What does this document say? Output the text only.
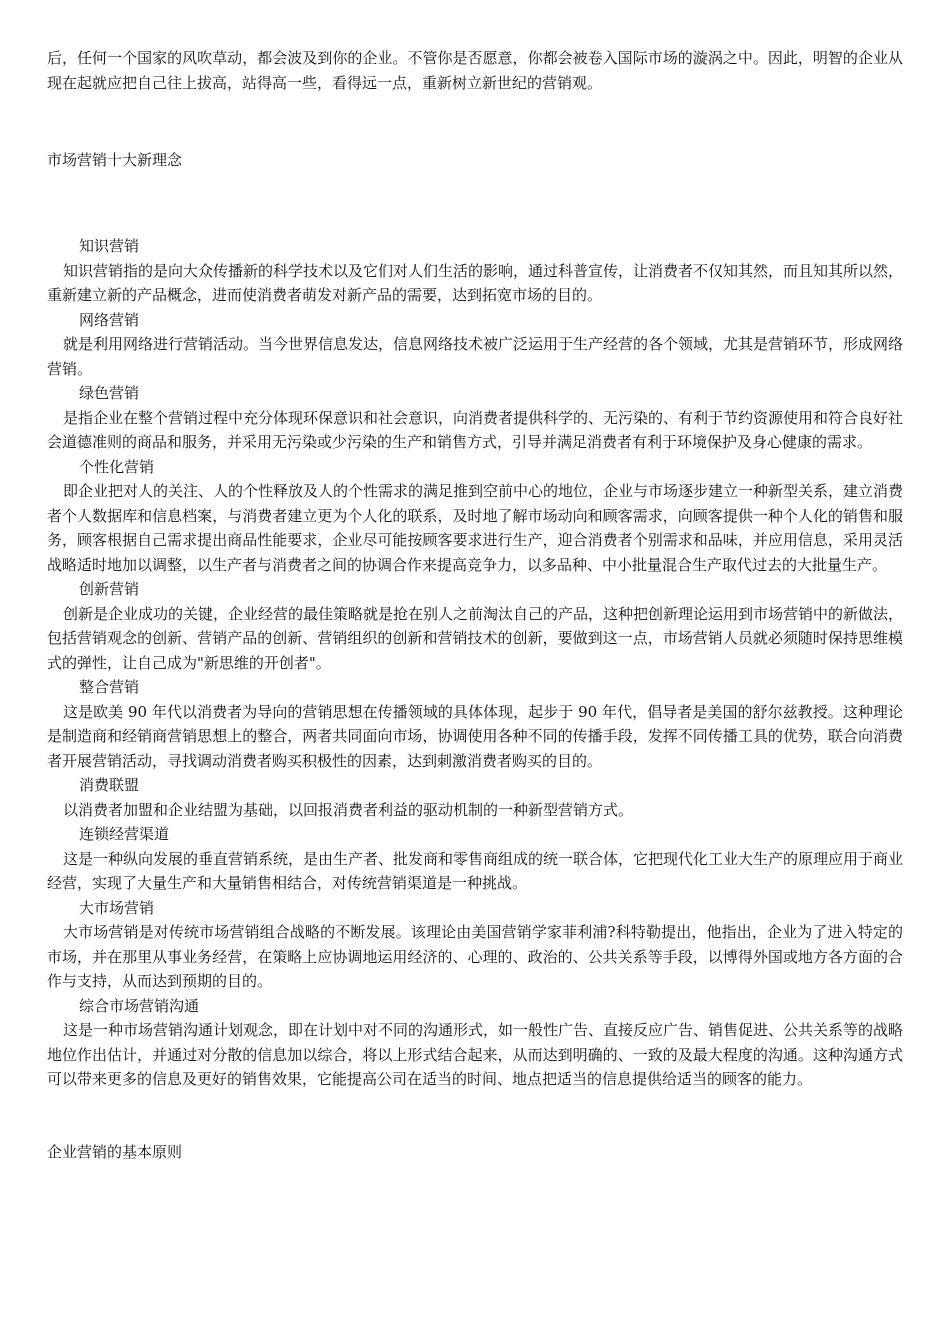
后，任何一个国家的风吹草动，都会波及到你的企业。不管你是否愿意，你都会被卷入国际市场的漩涡之中。因此，明智的企业从现在起就应把自己往上拔高，站得高一些，看得远一点，重新树立新世纪的营销观。

市场营销十大新理念

知识营销

知识营销指的是向大众传播新的科学技术以及它们对人们生活的影响，通过科普宣传，让消费者不仅知其然，而且知其所以然，重新建立新的产品概念，进而使消费者萌发对新产品的需要，达到拓宽市场的目的。

网络营销

就是利用网络进行营销活动。当今世界信息发达，信息网络技术被广泛运用于生产经营的各个领域，尤其是营销环节，形成网络营销。

绿色营销

是指企业在整个营销过程中充分体现环保意识和社会意识，向消费者提供科学的、无污染的、有利于节约资源使用和符合良好社会道德准则的商品和服务，并采用无污染或少污染的生产和销售方式，引导并满足消费者有利于环境保护及身心健康的需求。

个性化营销

即企业把对人的关注、人的个性释放及人的个性需求的满足推到空前中心的地位，企业与市场逐步建立一种新型关系，建立消费者个人数据库和信息档案，与消费者建立更为个人化的联系，及时地了解市场动向和顾客需求，向顾客提供一种个人化的销售和服务，顾客根据自己需求提出商品性能要求，企业尽可能按顾客要求进行生产，迎合消费者个别需求和品味，并应用信息，采用灵活战略适时地加以调整，以生产者与消费者之间的协调合作来提高竞争力，以多品种、中小批量混合生产取代过去的大批量生产。

创新营销

创新是企业成功的关键，企业经营的最佳策略就是抢在别人之前淘汰自己的产品，这种把创新理论运用到市场营销中的新做法，包括营销观念的创新、营销产品的创新、营销组织的创新和营销技术的创新，要做到这一点，市场营销人员就必须随时保持思维模式的弹性，让自己成为"新思维的开创者"。

整合营销

这是欧美 90 年代以消费者为导向的营销思想在传播领域的具体体现，起步于 90 年代，倡导者是美国的舒尔兹教授。这种理论是制造商和经销商营销思想上的整合，两者共同面向市场，协调使用各种不同的传播手段，发挥不同传播工具的优势，联合向消费者开展营销活动，寻找调动消费者购买积极性的因素，达到刺激消费者购买的目的。

消费联盟

以消费者加盟和企业结盟为基础，以回报消费者利益的驱动机制的一种新型营销方式。

连锁经营渠道

这是一种纵向发展的垂直营销系统，是由生产者、批发商和零售商组成的统一联合体，它把现代化工业大生产的原理应用于商业经营，实现了大量生产和大量销售相结合，对传统营销渠道是一种挑战。

大市场营销

大市场营销是对传统市场营销组合战略的不断发展。该理论由美国营销学家菲利浦?科特勒提出，他指出，企业为了进入特定的市场，并在那里从事业务经营，在策略上应协调地运用经济的、心理的、政治的、公共关系等手段，以博得外国或地方各方面的合作与支持，从而达到预期的目的。

综合市场营销沟通

这是一种市场营销沟通计划观念，即在计划中对不同的沟通形式，如一般性广告、直接反应广告、销售促进、公共关系等的战略地位作出估计，并通过对分散的信息加以综合，将以上形式结合起来，从而达到明确的、一致的及最大程度的沟通。这种沟通方式可以带来更多的信息及更好的销售效果，它能提高公司在适当的时间、地点把适当的信息提供给适当的顾客的能力。

企业营销的基本原则
